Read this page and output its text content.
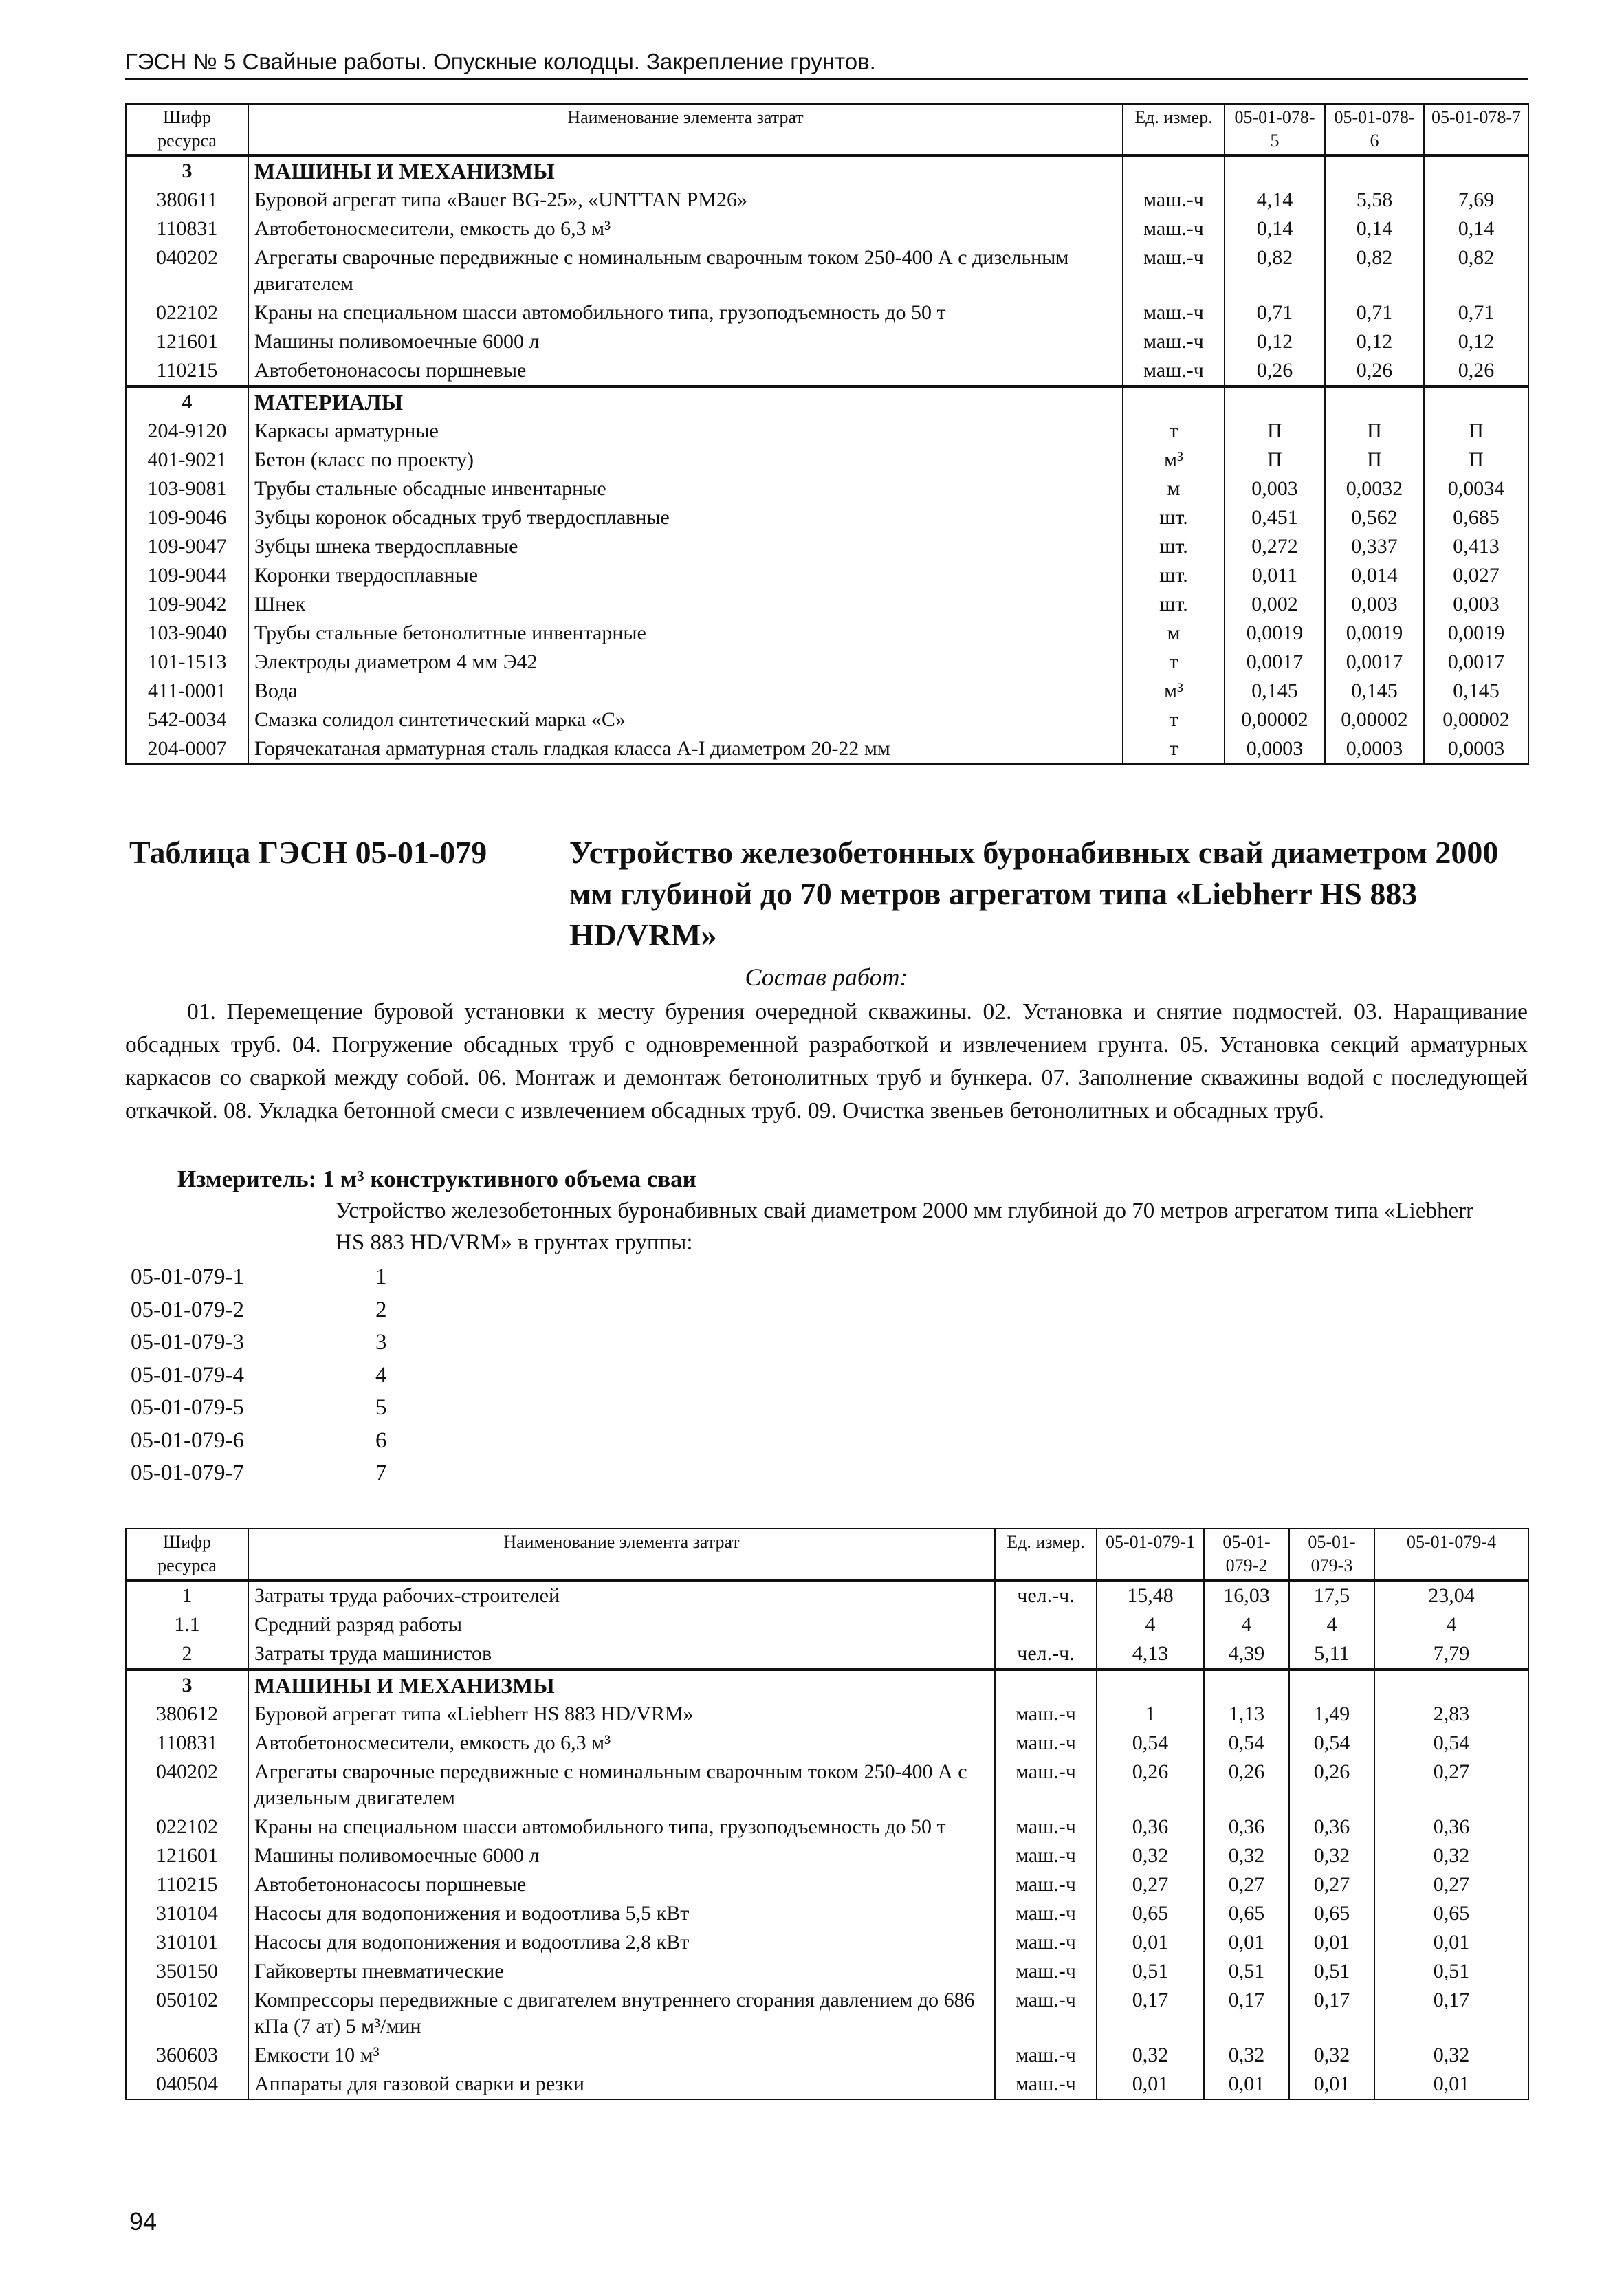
ГЭСН № 5 Свайные работы. Опускные колодцы. Закрепление грунтов.
Шифр ресурса	Наименование элемента затрат	Ед. измер.	05-01-078-5	05-01-078-6	05-01-078-7
3	МАШИНЫ И МЕХАНИЗМЫ				
380611	Буровой агрегат типа «Bauer BG-25», «UNTTAN PM26»	маш.-ч	4,14	5,58	7,69
110831	Автобетоносмесители, емкость до 6,3 м³	маш.-ч	0,14	0,14	0,14
040202	Агрегаты сварочные передвижные с номинальным сварочным током 250-400 А с дизельным двигателем	маш.-ч	0,82	0,82	0,82
022102	Краны на специальном шасси автомобильного типа, грузоподъемность до 50 т	маш.-ч	0,71	0,71	0,71
121601	Машины поливомоечные 6000 л	маш.-ч	0,12	0,12	0,12
110215	Автобетононасосы поршневые	маш.-ч	0,26	0,26	0,26
4	МАТЕРИАЛЫ				
204-9120	Каркасы арматурные	т	П	П	П
401-9021	Бетон (класс по проекту)	м³	П	П	П
103-9081	Трубы стальные обсадные инвентарные	м	0,003	0,0032	0,0034
109-9046	Зубцы коронок обсадных труб твердосплавные	шт.	0,451	0,562	0,685
109-9047	Зубцы шнека твердосплавные	шт.	0,272	0,337	0,413
109-9044	Коронки твердосплавные	шт.	0,011	0,014	0,027
109-9042	Шнек	шт.	0,002	0,003	0,003
103-9040	Трубы стальные бетонолитные инвентарные	м	0,0019	0,0019	0,0019
101-1513	Электроды диаметром 4 мм Э42	т	0,0017	0,0017	0,0017
411-0001	Вода	м³	0,145	0,145	0,145
542-0034	Смазка солидол синтетический марка «С»	т	0,00002	0,00002	0,00002
204-0007	Горячекатаная арматурная сталь гладкая класса А-I диаметром 20-22 мм	т	0,0003	0,0003	0,0003
Таблица ГЭСН 05-01-079	Устройство железобетонных буронабивных свай диаметром 2000 мм глубиной до 70 метров агрегатом типа «Liebherr HS 883 HD/VRM»
Состав работ:
01. Перемещение буровой установки к месту бурения очередной скважины. 02. Установка и снятие подмостей. 03. Наращивание обсадных труб. 04. Погружение обсадных труб с одновременной разработкой и извлечением грунта. 05. Установка секций арматурных каркасов со сваркой между собой. 06. Монтаж и демонтаж бетонолитных труб и бункера. 07. Заполнение скважины водой с последующей откачкой. 08. Укладка бетонной смеси с извлечением обсадных труб. 09. Очистка звеньев бетонолитных и обсадных труб.
Измеритель: 1 м³ конструктивного объема сваи
Устройство железобетонных буронабивных свай диаметром 2000 мм глубиной до 70 метров агрегатом типа «Liebherr HS 883 HD/VRM» в грунтах группы:
05-01-079-1	1
05-01-079-2	2
05-01-079-3	3
05-01-079-4	4
05-01-079-5	5
05-01-079-6	6
05-01-079-7	7
Шифр ресурса	Наименование элемента затрат	Ед. измер.	05-01-079-1	05-01-079-2	05-01-079-3	05-01-079-4
1	Затраты труда рабочих-строителей	чел.-ч.	15,48	16,03	17,5	23,04
1.1	Средний разряд работы		4	4	4	4
2	Затраты труда машинистов	чел.-ч.	4,13	4,39	5,11	7,79
3	МАШИНЫ И МЕХАНИЗМЫ					
380612	Буровой агрегат типа «Liebherr HS 883 HD/VRM»	маш.-ч	1	1,13	1,49	2,83
110831	Автобетоносмесители, емкость до 6,3 м³	маш.-ч	0,54	0,54	0,54	0,54
040202	Агрегаты сварочные передвижные с номинальным сварочным током 250-400 А с дизельным двигателем	маш.-ч	0,26	0,26	0,26	0,27
022102	Краны на специальном шасси автомобильного типа, грузоподъемность до 50 т	маш.-ч	0,36	0,36	0,36	0,36
121601	Машины поливомоечные 6000 л	маш.-ч	0,32	0,32	0,32	0,32
110215	Автобетононасосы поршневые	маш.-ч	0,27	0,27	0,27	0,27
310104	Насосы для водопонижения и водоотлива 5,5 кВт	маш.-ч	0,65	0,65	0,65	0,65
310101	Насосы для водопонижения и водоотлива 2,8 кВт	маш.-ч	0,01	0,01	0,01	0,01
350150	Гайковерты пневматические	маш.-ч	0,51	0,51	0,51	0,51
050102	Компрессоры передвижные с двигателем внутреннего сгорания давлением до 686 кПа (7 ат) 5 м³/мин	маш.-ч	0,17	0,17	0,17	0,17
360603	Емкости 10 м³	маш.-ч	0,32	0,32	0,32	0,32
040504	Аппараты для газовой сварки и резки	маш.-ч	0,01	0,01	0,01	0,01
94
